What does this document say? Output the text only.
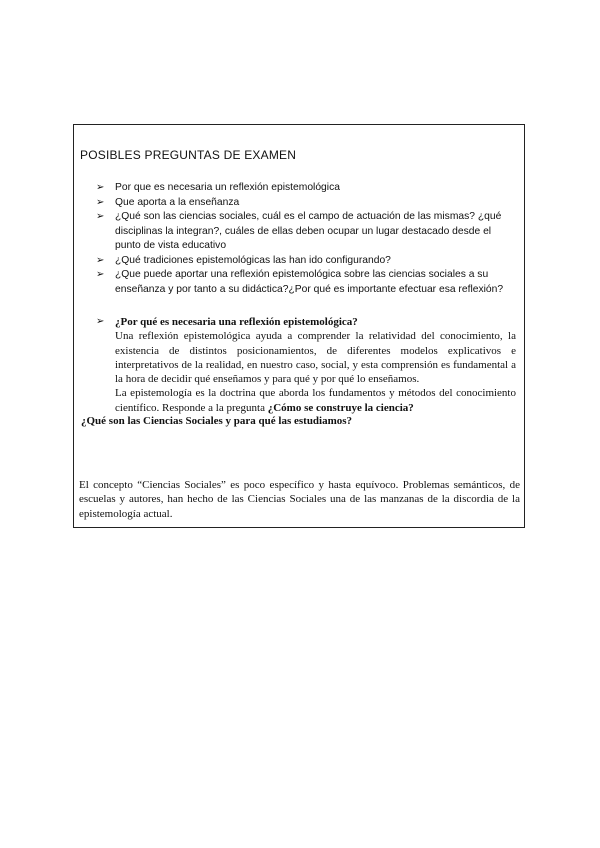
POSIBLES PREGUNTAS DE EXAMEN
➢ Por que es necesaria un reflexión epistemológica
➢ Que aporta a la enseñanza
➢ ¿Qué son las ciencias sociales, cuál es el campo de actuación de las mismas? ¿qué disciplinas la integran?, cuáles de ellas deben ocupar un lugar destacado desde el punto de vista educativo
➢ ¿Qué tradiciones epistemológicas las han ido configurando?
➢ ¿Que puede aportar una reflexión epistemológica sobre las ciencias sociales a su enseñanza y por tanto a su didáctica?¿Por qué es importante efectuar esa reflexión?
➢ ¿Por qué es necesaria una reflexión epistemológica?

Una reflexión epistemológica ayuda a comprender la relatividad del conocimiento, la existencia de distintos posicionamientos, de diferentes modelos explicativos e interpretativos de la realidad, en nuestro caso, social, y esta comprensión es fundamental a la hora de decidir qué enseñamos y para qué y por qué lo enseñamos.

La epistemología es la doctrina que aborda los fundamentos y métodos del conocimiento científico. Responde a la pregunta ¿Cómo se construye la ciencia?

¿Qué son las Ciencias Sociales y para qué las estudiamos?
El concepto “Ciencias Sociales” es poco específico y hasta equívoco. Problemas semánticos, de escuelas y autores, han hecho de las Ciencias Sociales una de las manzanas de la discordia de la epistemología actual.
